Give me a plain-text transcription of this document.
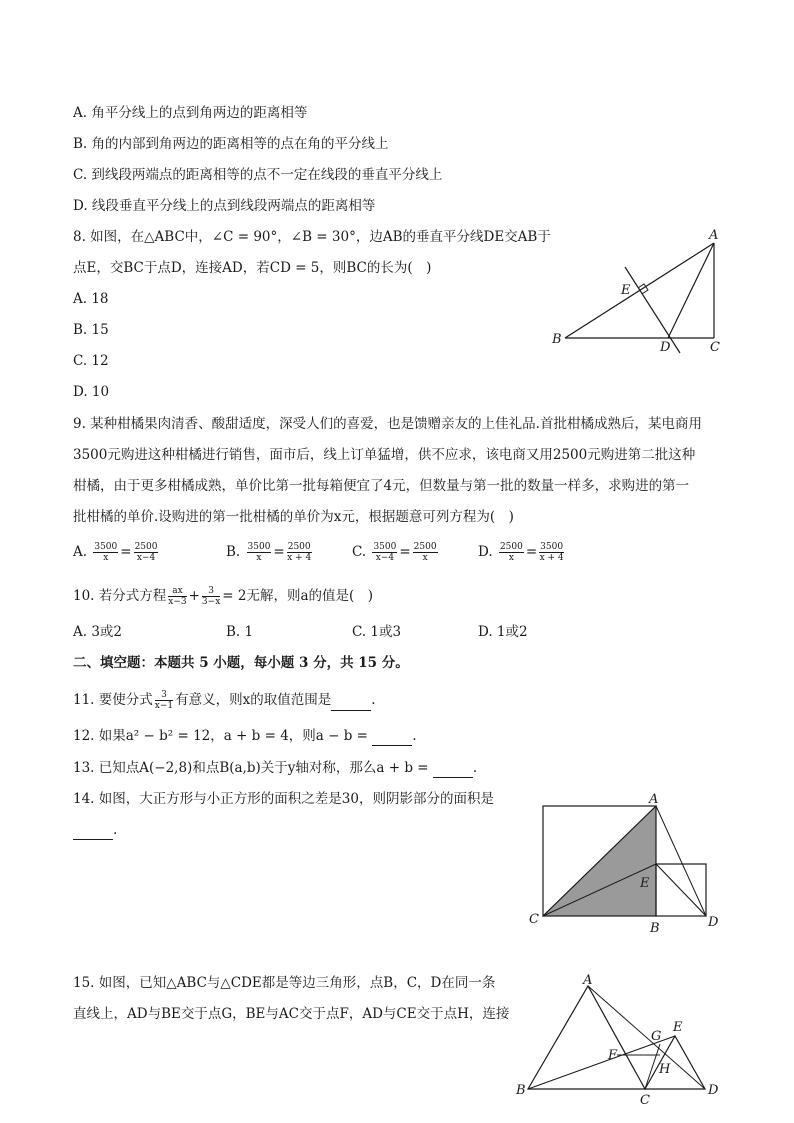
A. 角平分线上的点到角两边的距离相等
B. 角的内部到角两边的距离相等的点在角的平分线上
C. 到线段两端点的距离相等的点不一定在线段的垂直平分线上
D. 线段垂直平分线上的点到线段两端点的距离相等
8. 如图，在△ABC中，∠C = 90°，∠B = 30°，边AB的垂直平分线DE交AB于
点E，交BC于点D，连接AD，若CD = 5，则BC的长为(　)
A. 18
B. 15
C. 12
D. 10
A
B
C
D
E
9. 某种柑橘果肉清香、酸甜适度，深受人们的喜爱，也是馈赠亲友的上佳礼品.首批柑橘成熟后，某电商用
3500元购进这种柑橘进行销售，面市后，线上订单猛增，供不应求，该电商又用2500元购进第二批这种
柑橘，由于更多柑橘成熟，单价比第一批每箱便宜了4元，但数量与第一批的数量一样多，求购进的第一
批柑橘的单价.设购进的第一批柑橘的单价为x元，根据题意可列方程为(　)
A. $\frac{3500}{x} = \frac{2500}{x-4}$	B. $\frac{3500}{x} = \frac{2500}{x + 4}$	C. $\frac{3500}{x-4} = \frac{2500}{x}$	D. $\frac{2500}{x} = \frac{3500}{x + 4}$
10. 若分式方程 $\frac{ax}{x-3} + \frac{3}{3-x} = 2$无解，则a的值是(　)
A. 3或2	B. 1	C. 1或3	D. 1或2
二、填空题：本题共 5 小题，每小题 3 分，共 15 分。
11. 要使分式 $\frac{3}{x-1}$ 有意义，则x的取值范围是	.
12. 如果a² − b² = 12，a + b = 4，则a − b =	.
13. 已知点A(−2,8)和点B(a,b)关于y轴对称，那么a + b =	.
14. 如图，大正方形与小正方形的面积之差是30，则阴影部分的面积是
.
A
B
C	D
E
15. 如图，已知△ABC与△CDE都是等边三角形，点B，C，D在同一条
直线上，AD与BE交于点G，BE与AC交于点F，AD与CE交于点H，连接
A
B
C
D
E
F
G
H
